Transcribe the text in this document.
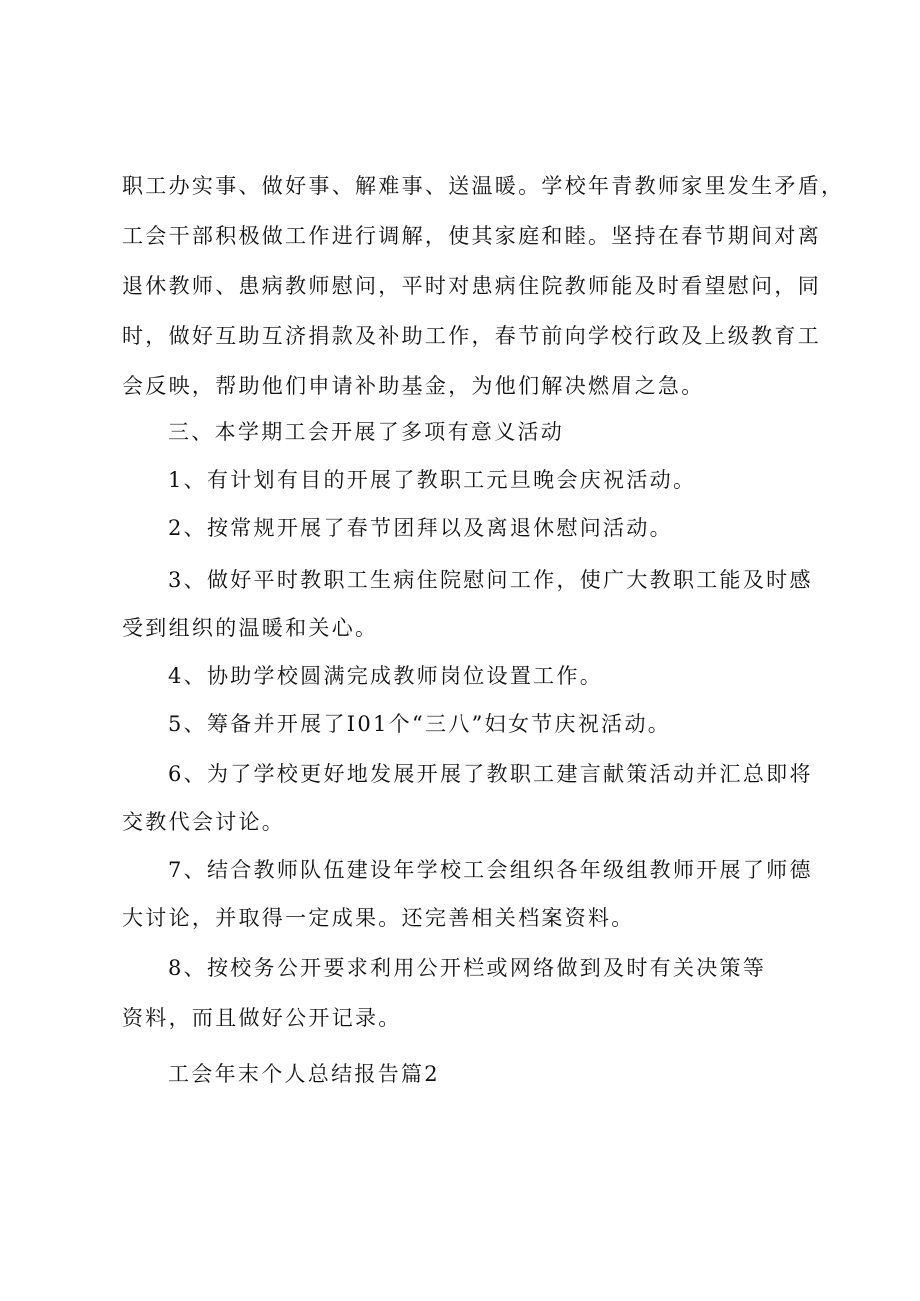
职工办实事、做好事、解难事、送温暖。学校年青教师家里发生矛盾，

工会干部积极做工作进行调解，使其家庭和睦。坚持在春节期间对离

退休教师、患病教师慰问，平时对患病住院教师能及时看望慰问，同

时，做好互助互济捐款及补助工作，春节前向学校行政及上级教育工

会反映，帮助他们申请补助基金，为他们解决燃眉之急。

三、本学期工会开展了多项有意义活动

1、有计划有目的开展了教职工元旦晚会庆祝活动。

2、按常规开展了春节团拜以及离退休慰问活动。

3、做好平时教职工生病住院慰问工作，使广大教职工能及时感

受到组织的温暖和关心。

4、协助学校圆满完成教师岗位设置工作。

5、筹备并开展了I01个“三八”妇女节庆祝活动。

6、为了学校更好地发展开展了教职工建言献策活动并汇总即将

交教代会讨论。

7、结合教师队伍建设年学校工会组织各年级组教师开展了师德

大讨论，并取得一定成果。还完善相关档案资料。

8、按校务公开要求利用公开栏或网络做到及时有关决策等

资料，而且做好公开记录。

工会年末个人总结报告篇2
